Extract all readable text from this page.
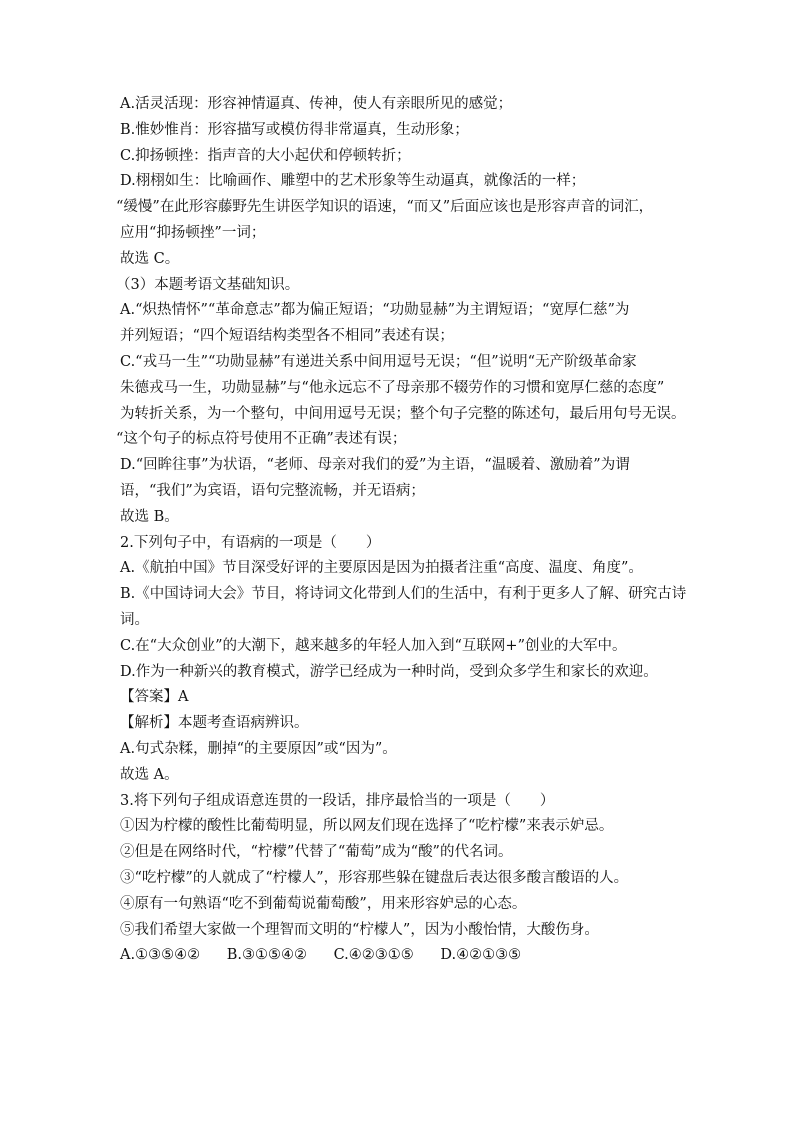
A.活灵活现：形容神情逼真、传神，使人有亲眼所见的感觉；
B.惟妙惟肖：形容描写或模仿得非常逼真，生动形象；
C.抑扬顿挫：指声音的大小起伏和停顿转折；
D.栩栩如生：比喻画作、雕塑中的艺术形象等生动逼真，就像活的一样；
“缓慢”在此形容藤野先生讲医学知识的语速，“而又”后面应该也是形容声音的词汇，
应用“抑扬顿挫”一词；
故选 C。
（3）本题考语文基础知识。
A.“炽热情怀”“革命意志”都为偏正短语；“功勋显赫”为主谓短语；“宽厚仁慈”为
并列短语；“四个短语结构类型各不相同”表述有误；
C.“戎马一生”“功勋显赫”有递进关系中间用逗号无误；“但”说明“无产阶级革命家
朱德戎马一生，功勋显赫”与“他永远忘不了母亲那不辍劳作的习惯和宽厚仁慈的态度”
为转折关系，为一个整句，中间用逗号无误；整个句子完整的陈述句，最后用句号无误。
“这个句子的标点符号使用不正确”表述有误；
D.“回眸往事”为状语，“老师、母亲对我们的爱”为主语，“温暖着、激励着”为谓
语，“我们”为宾语，语句完整流畅，并无语病；
故选 B。
2.下列句子中，有语病的一项是（　　）
A.《航拍中国》节目深受好评的主要原因是因为拍摄者注重“高度、温度、角度”。
B.《中国诗词大会》节目，将诗词文化带到人们的生活中，有利于更多人了解、研究古诗
词。
C.在“大众创业”的大潮下，越来越多的年轻人加入到“互联网+”创业的大军中。
D.作为一种新兴的教育模式，游学已经成为一种时尚，受到众多学生和家长的欢迎。
【答案】A
【解析】本题考查语病辨识。
A.句式杂糅，删掉“的主要原因”或“因为”。
故选 A。
3.将下列句子组成语意连贯的一段话，排序最恰当的一项是（　　）
①因为柠檬的酸性比葡萄明显，所以网友们现在选择了“吃柠檬”来表示妒忌。
②但是在网络时代，“柠檬”代替了“葡萄”成为“酸”的代名词。
③“吃柠檬”的人就成了“柠檬人”，形容那些躲在键盘后表达很多酸言酸语的人。
④原有一句熟语“吃不到葡萄说葡萄酸”，用来形容妒忌的心态。
⑤我们希望大家做一个理智而文明的“柠檬人”，因为小酸怡情，大酸伤身。
A.①③⑤④② B.③①⑤④② C.④②③①⑤ D.④②①③⑤
